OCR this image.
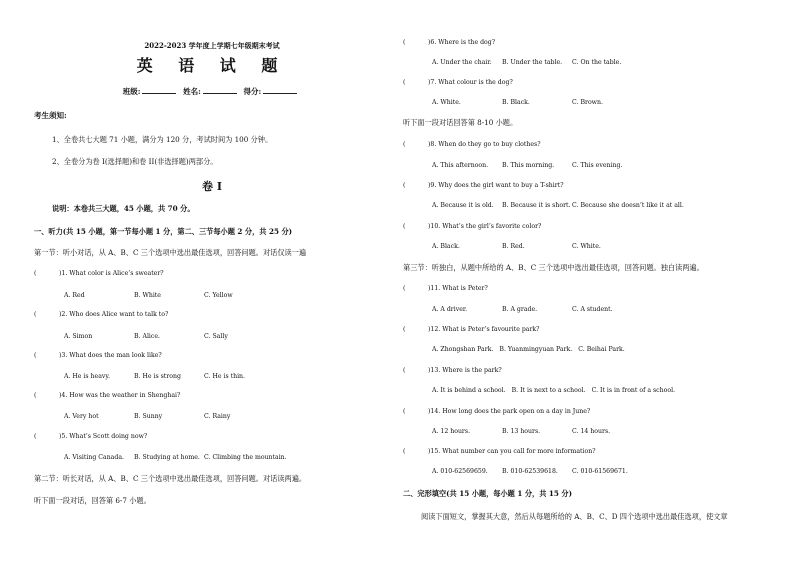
2022-2023 学年度上学期七年级期末考试
英 语 试 题
班级:	姓名:	得分:
考生须知:
1、全卷共七大题 71 小题，满分为 120 分，考试时间为 100 分钟。
2、全卷分为卷 I(选择题)和卷 II(非选择题)两部分。
卷 I
说明：本卷共三大题，45 小题，共 70 分。
一、听力(共 15 小题，第一节每小题 1 分，第二、三节每小题 2 分，共 25 分)
第一节：听小对话，从 A、B、C 三个选项中选出最佳选项，回答问题。对话仅读一遍
(	)1. What color is Alice’s sweater?
A. Red	B. White	C. Yellow
(	)2. Who does Alice want to talk to?
A. Simon	B. Alice.	C. Sally
(	)3. What does the man look like?
A. He is heavy.	B. He is strong	C. He is thin.
(	)4. How was the weather in Shenghai?
A. Very hot	B. Sunny	C. Rainy
(	)5. What’s Scott doing now?
A. Visiting Canada. B. Studying at home. C. Climbing the mountain.
第二节：听长对话，从 A、B、C 三个选项中选出最佳选项，回答问题。对话读两遍。
听下面一段对话，回答第 6-7 小题。
(	)6. Where is the dog?
A. Under the chair. B. Under the table. C. On the table.
(	)7. What colour is the dog?
A. White.	B. Black.	C. Brown.
听下面一段对话回答第 8-10 小题。
(	)8. When do they go to buy clothes?
A. This afternoon. B. This morning.	C. This evening.
(	)9. Why does the girl want to buy a T-shirt?
A. Because it is old. B. Because it is short. C. Because she doesn’t like it at all.
(	)10. What’s the girl’s favorite color?
A. Black.	B. Red.	C. White.
第三节：听独白，从题中所给的 A、B、C 三个选项中选出最佳选项，回答问题。独白读两遍。
(	)11. What is Peter?
A. A driver.	B. A grade.	C. A student.
(	)12. What is Peter’s favourite park?
A. Zhongshan Park. B. Yuanmingyuan Park. C. Beihai Park.
(	)13. Where is the park?
A. It is behind a school. B. It is next to a school. C. It is in front of a school.
(	)14. How long does the park open on a day in June?
A. 12 hours.	B. 13 hours.	C. 14 hours.
(	)15. What number can you call for more information?
A. 010-62569659. B. 010-62539618. C. 010-61569671.
二、完形填空(共 15 小题，每小题 1 分，共 15 分)
阅读下面短文，掌握其大意，然后从每题所给的 A、B、C、D 四个选项中选出最佳选项，使文章
